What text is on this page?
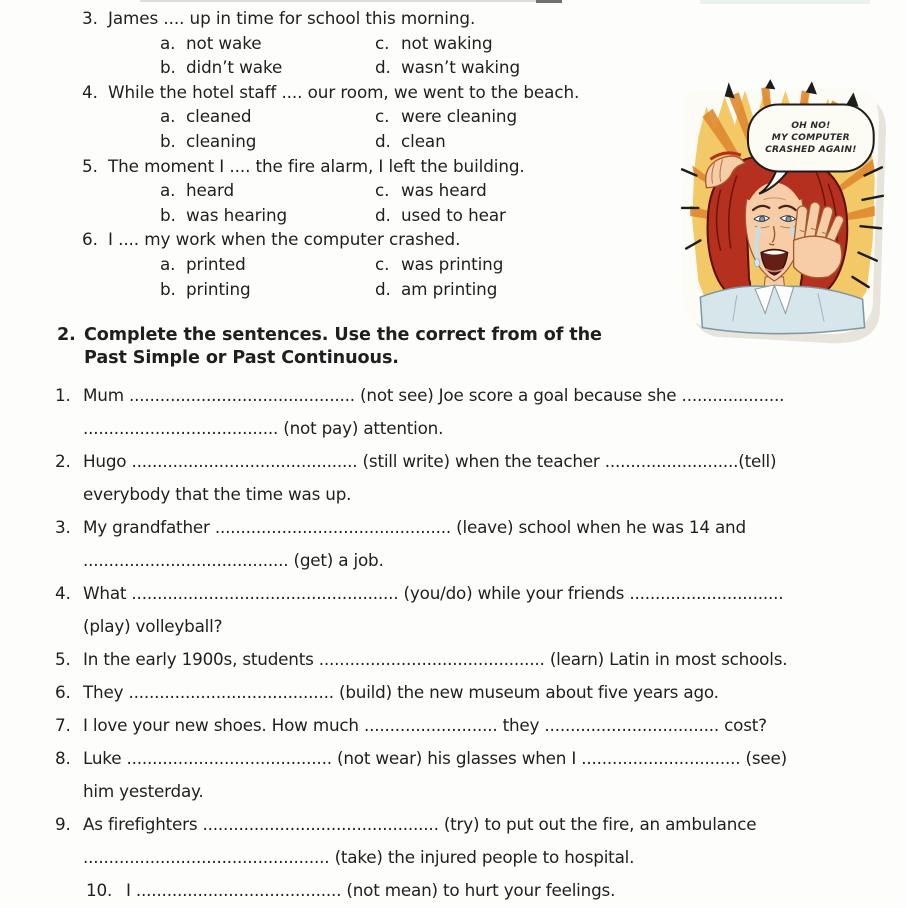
3. James .... up in time for school this morning.
a. not wake	c. not waking
b. didn’t wake	d. wasn’t waking
4. While the hotel staff .... our room, we went to the beach.
a. cleaned	c. were cleaning
b. cleaning	d. clean
5. The moment I .... the fire alarm, I left the building.
a. heard	c. was heard
b. was hearing	d. used to hear
6. I .... my work when the computer crashed.
a. printed	c. was printing
b. printing	d. am printing
OH NO!
MY COMPUTER
CRASHED AGAIN!
2. Complete the sentences. Use the correct from of the
Past Simple or Past Continuous.
1. Mum ............................................ (not see) Joe score a goal because she ....................
...................................... (not pay) attention.
2. Hugo ............................................ (still write) when the teacher ..........................(tell)
everybody that the time was up.
3. My grandfather .............................................. (leave) school when he was 14 and
........................................ (get) a job.
4. What .................................................... (you/do) while your friends ..............................
(play) volleyball?
5. In the early 1900s, students ............................................ (learn) Latin in most schools.
6. They ........................................ (build) the new museum about five years ago.
7. I love your new shoes. How much .......................... they .................................. cost?
8. Luke ........................................ (not wear) his glasses when I ............................... (see)
him yesterday.
9. As firefighters .............................................. (try) to put out the fire, an ambulance
................................................ (take) the injured people to hospital.
10. I ........................................ (not mean) to hurt your feelings.
